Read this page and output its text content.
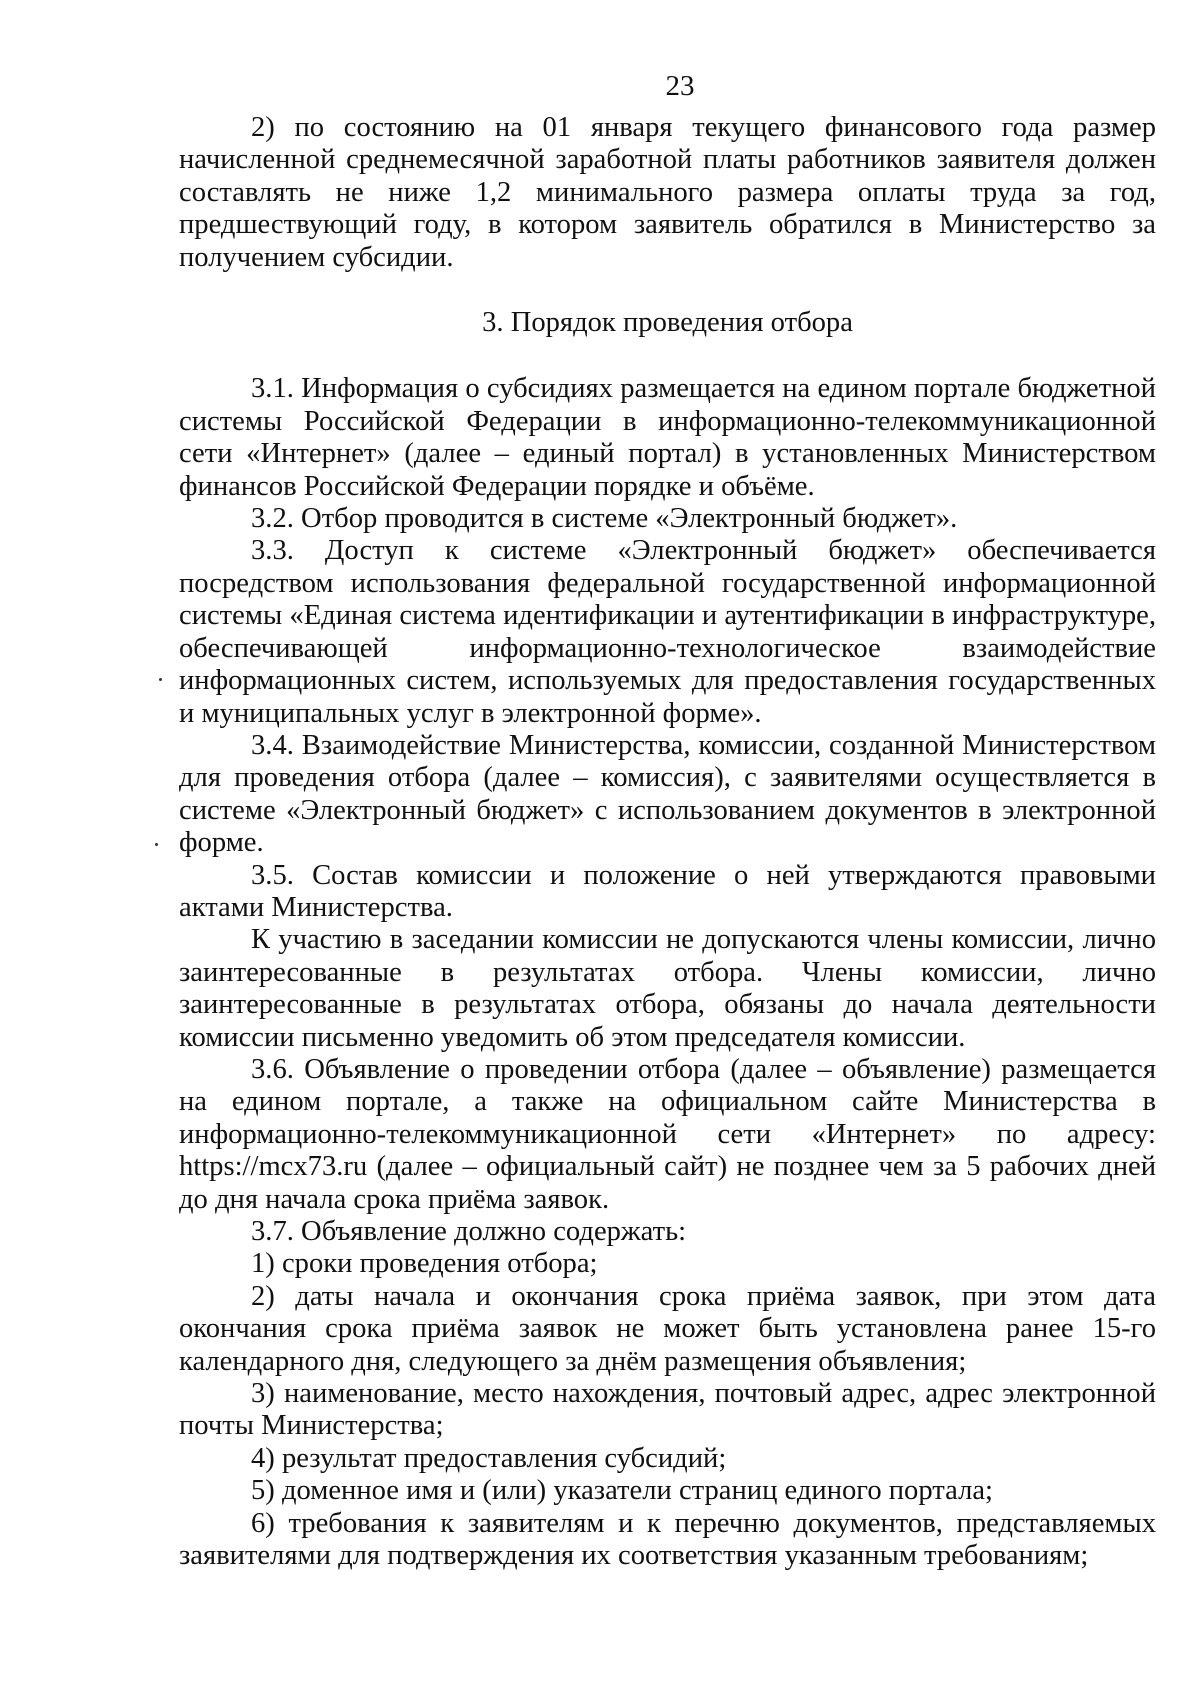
23

2) по состоянию на 01 января текущего финансового года размер начисленной среднемесячной заработной платы работников заявителя должен составлять не ниже 1,2 минимального размера оплаты труда за год, предшествующий году, в котором заявитель обратился в Министерство за получением субсидии.

3. Порядок проведения отбора

3.1. Информация о субсидиях размещается на едином портале бюджетной системы Российской Федерации в информационно-телекоммуникационной сети «Интернет» (далее – единый портал) в установленных Министерством финансов Российской Федерации порядке и объёме.

3.2. Отбор проводится в системе «Электронный бюджет».

3.3. Доступ к системе «Электронный бюджет» обеспечивается посредством использования федеральной государственной информационной системы «Единая система идентификации и аутентификации в инфраструктуре, обеспечивающей информационно-технологическое взаимодействие информационных систем, используемых для предоставления государственных и муниципальных услуг в электронной форме».

3.4. Взаимодействие Министерства, комиссии, созданной Министерством для проведения отбора (далее – комиссия), с заявителями осуществляется в системе «Электронный бюджет» с использованием документов в электронной форме.

3.5. Состав комиссии и положение о ней утверждаются правовыми актами Министерства.

К участию в заседании комиссии не допускаются члены комиссии, лично заинтересованные в результатах отбора. Члены комиссии, лично заинтересованные в результатах отбора, обязаны до начала деятельности комиссии письменно уведомить об этом председателя комиссии.

3.6. Объявление о проведении отбора (далее – объявление) размещается на едином портале, а также на официальном сайте Министерства в информационно-телекоммуникационной сети «Интернет» по адресу: https://mcx73.ru (далее – официальный сайт) не позднее чем за 5 рабочих дней до дня начала срока приёма заявок.

3.7. Объявление должно содержать:

1) сроки проведения отбора;

2) даты начала и окончания срока приёма заявок, при этом дата окончания срока приёма заявок не может быть установлена ранее 15-го календарного дня, следующего за днём размещения объявления;

3) наименование, место нахождения, почтовый адрес, адрес электронной почты Министерства;

4) результат предоставления субсидий;

5) доменное имя и (или) указатели страниц единого портала;

6) требования к заявителям и к перечню документов, представляемых заявителями для подтверждения их соответствия указанным требованиям;
